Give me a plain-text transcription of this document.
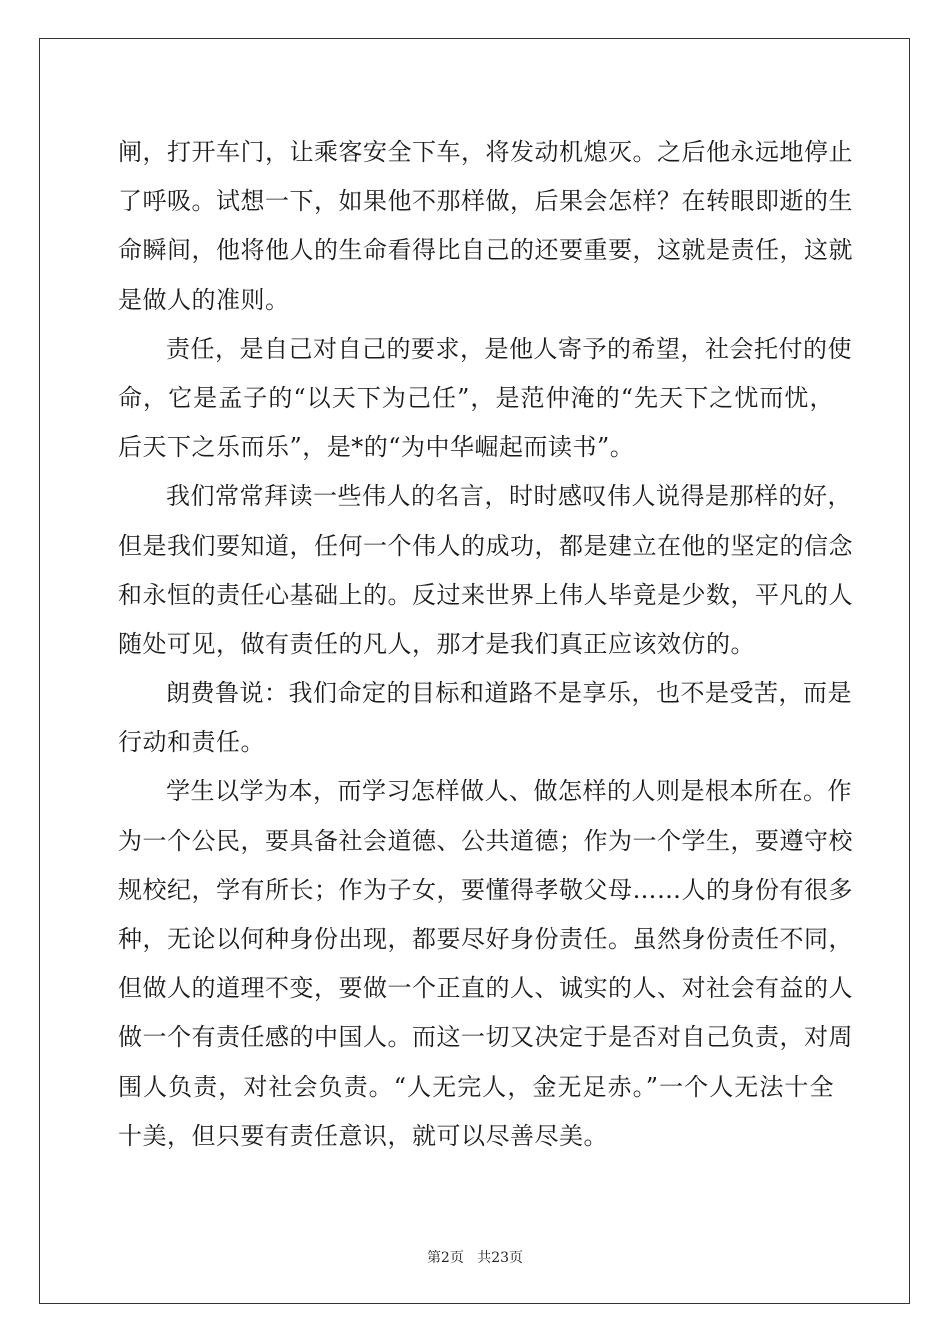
闸，打开车门，让乘客安全下车，将发动机熄灭。之后他永远地停止
了呼吸。试想一下，如果他不那样做，后果会怎样？在转眼即逝的生
命瞬间，他将他人的生命看得比自己的还要重要，这就是责任，这就
是做人的准则。
责任，是自己对自己的要求，是他人寄予的希望，社会托付的使
命，它是孟子的“以天下为己任”，是范仲淹的“先天下之忧而忧，
后天下之乐而乐”，是*的“为中华崛起而读书”。
我们常常拜读一些伟人的名言，时时感叹伟人说得是那样的好，
但是我们要知道，任何一个伟人的成功，都是建立在他的坚定的信念
和永恒的责任心基础上的。反过来世界上伟人毕竟是少数，平凡的人
随处可见，做有责任的凡人，那才是我们真正应该效仿的。
朗费鲁说：我们命定的目标和道路不是享乐，也不是受苦，而是
行动和责任。
学生以学为本，而学习怎样做人、做怎样的人则是根本所在。作
为一个公民，要具备社会道德、公共道德；作为一个学生，要遵守校
规校纪，学有所长；作为子女，要懂得孝敬父母……人的身份有很多
种，无论以何种身份出现，都要尽好身份责任。虽然身份责任不同，
但做人的道理不变，要做一个正直的人、诚实的人、对社会有益的人
做一个有责任感的中国人。而这一切又决定于是否对自己负责，对周
围人负责，对社会负责。“人无完人，金无足赤。”一个人无法十全
十美，但只要有责任意识，就可以尽善尽美。
第2页 共23页
